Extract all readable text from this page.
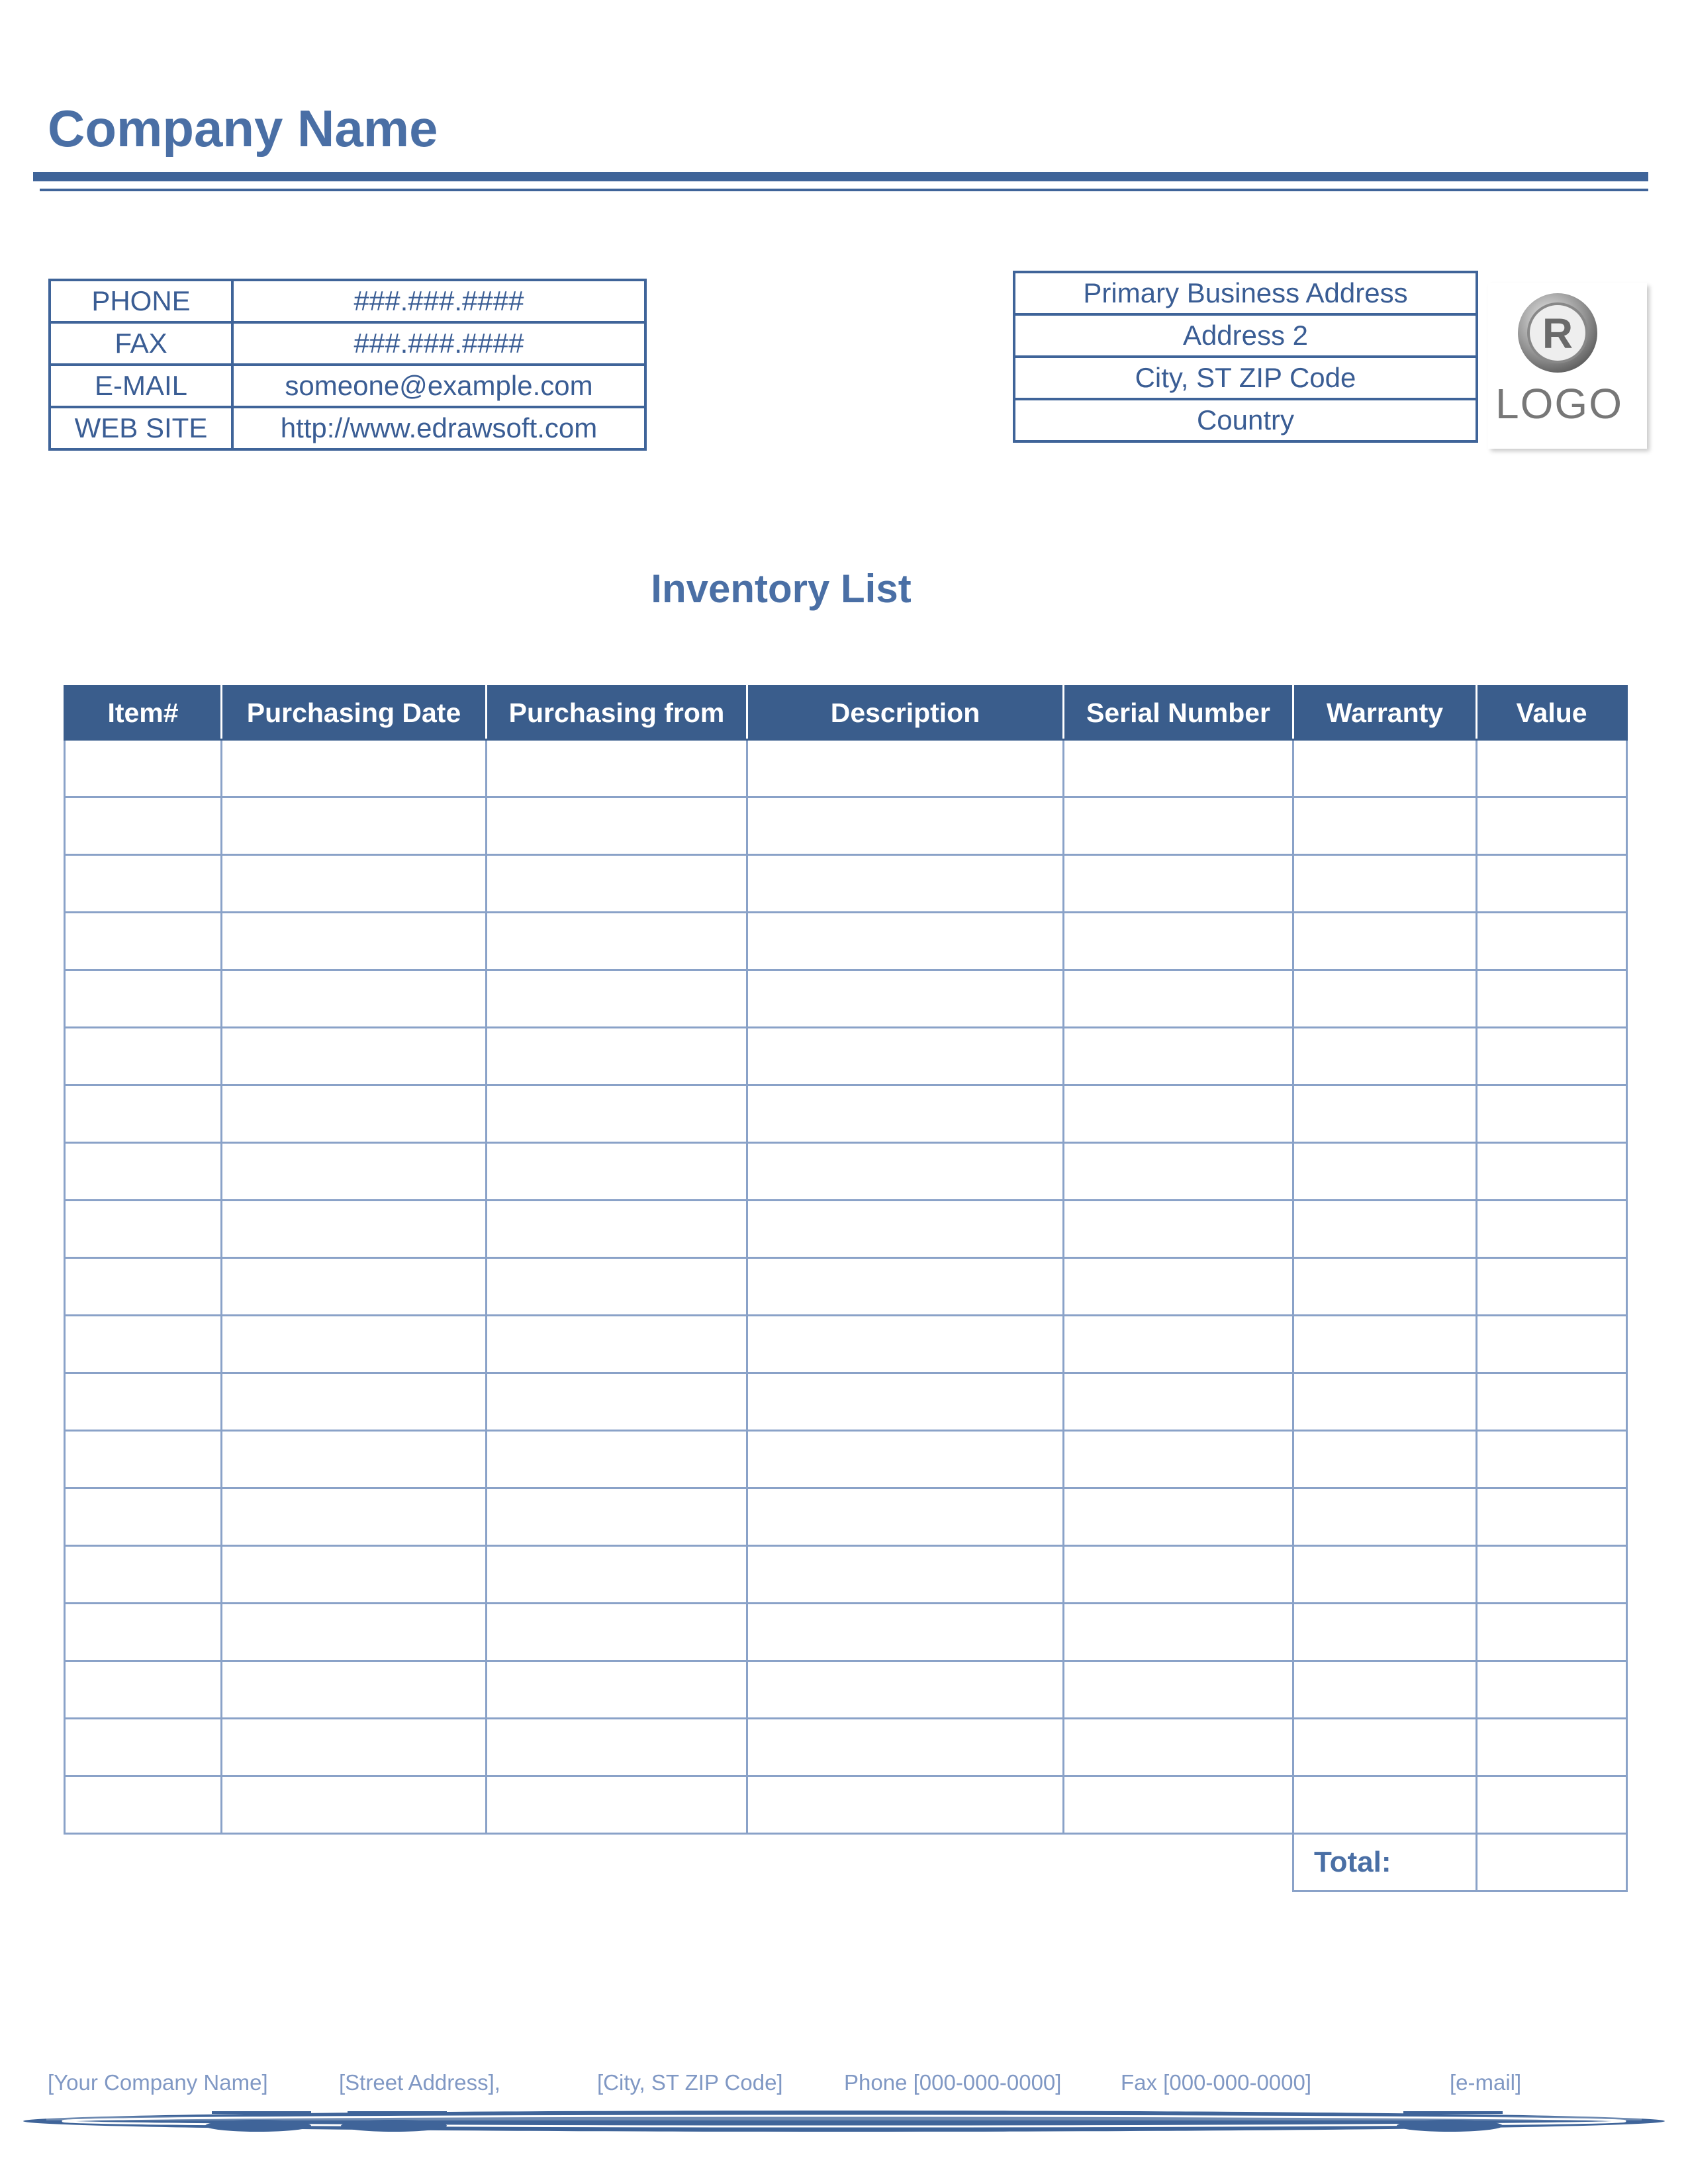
Company Name
PHONE	###.###.####
FAX	###.###.####
E-MAIL	someone@example.com
WEB SITE	http://www.edrawsoft.com
Primary Business Address
Address 2
City, ST ZIP Code
Country
R
LOGO
Inventory List
Item#	Purchasing Date	Purchasing from	Description	Serial Number	Warranty	Value

					Total:	
[Your Company Name]	[Street Address],	[City, ST ZIP Code]	Phone [000-000-0000]	Fax [000-000-0000]	[e-mail]
